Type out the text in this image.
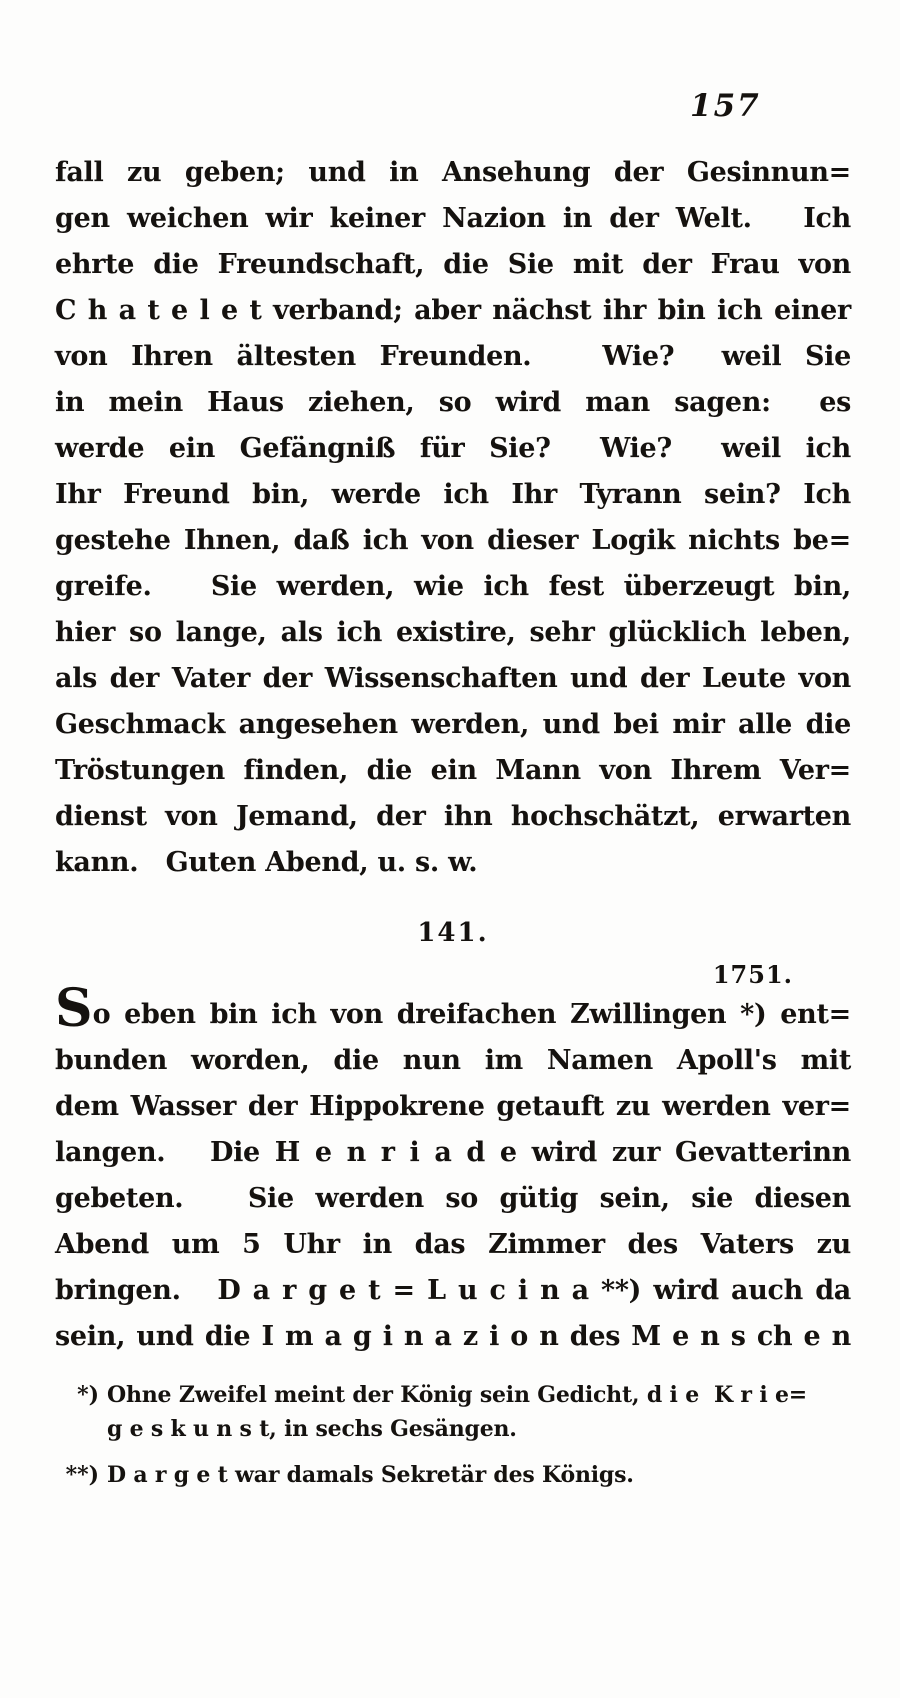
157
fall zu geben; und in Ansehung der Gesinnun=
gen weichen wir keiner Nazion in der Welt.   Ich
ehrte die Freundschaft, die Sie mit der Frau von
C h a t e l e t verband; aber nächst ihr bin ich einer
von Ihren ältesten Freunden.   Wie?  weil Sie
in mein Haus ziehen, so wird man sagen:  es
werde ein Gefängniß für Sie?  Wie?  weil ich
Ihr Freund bin, werde ich Ihr Tyrann sein? Ich
gestehe Ihnen, daß ich von dieser Logik nichts be=
greife.   Sie werden, wie ich fest überzeugt bin,
hier so lange, als ich existire, sehr glücklich leben,
als der Vater der Wissenschaften und der Leute von
Geschmack angesehen werden, und bei mir alle die
Tröstungen finden, die ein Mann von Ihrem Ver=
dienst von Jemand, der ihn hochschätzt, erwarten
kann.   Guten Abend, u. s. w.
141.
1751.
So eben bin ich von dreifachen Zwillingen *) ent=
bunden worden, die nun im Namen Apoll's mit
dem Wasser der Hippokrene getauft zu werden ver=
langen.   Die H e n r i a d e wird zur Gevatterinn
gebeten.   Sie werden so gütig sein, sie diesen
Abend um 5 Uhr in das Zimmer des Vaters zu
bringen.   D a r g e t = L u c i n a **) wird auch da
sein, und die I m a g i n a z i o n des M e n s ch e n
*) Ohne Zweifel meint der König sein Gedicht, d i e  K r i e=
g e s k u n s t, in sechs Gesängen.
**) D a r g e t war damals Sekretär des Königs.
